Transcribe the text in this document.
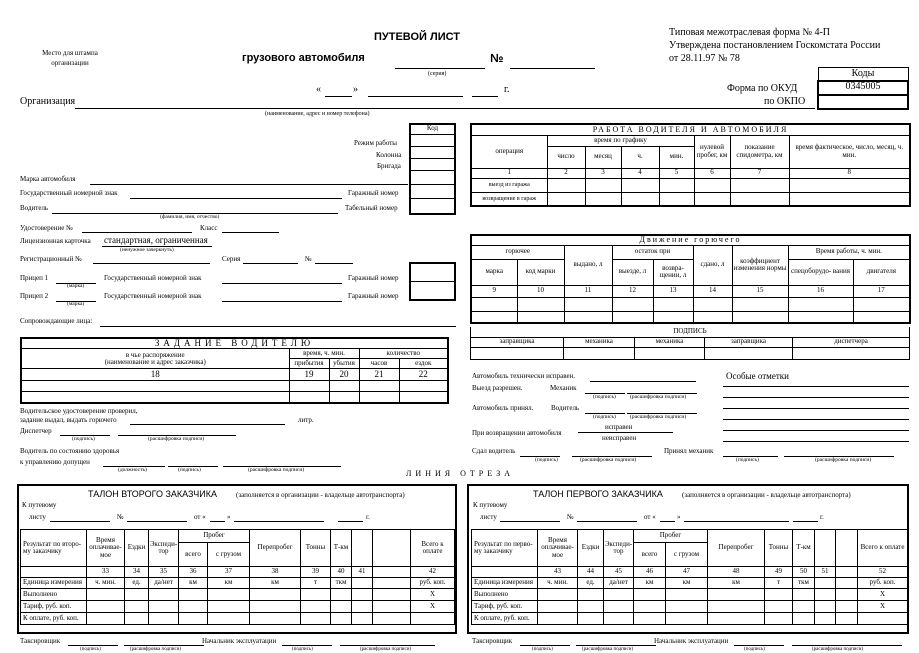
Место для штампа
организации
ПУТЕВОЙ ЛИСТ
грузового автомобиля
(серия)
№
«	»	г.
Организация
(наименование, адрес и номер телефона)
Типовая межотраслевая форма № 4-П
Утверждена постановлением Госкомстата России
от 28.11.97 № 78
Коды
0345005

Форма по ОКУД
по ОКПО
Код
Режим работы
Колонна
Бригада
Марка автомобиля
Государственный номерной знак	Гаражный номер
Водитель	Табельный номер
(фамилия, имя, отчество)
Удостоверение №	Класс
Лицензионная карточка стандартная, ограниченная
(ненужное зачеркнуть)
Регистрационный №	Серия	№
Прицеп 1
(марка)
Государственный номерной знак	Гаражный номер
Прицеп 2
(марка)
Государственный номерной знак	Гаражный номер
Сопровождающие лица:
РАБОТА ВОДИТЕЛЯ И АВТОМОБИЛЯ							
операция	время по графику				нулевой пробег, км	показание спидометра, км	время фактическое, число, месяц, ч. мин.
	число	месяц	ч.	мин.			
1	2	3	4	5	6	7	8
выезд из гаража							
возвращение в гараж							
Движение горючего								
горючее		выдано, л	остаток при		сдано, л	коэффициент изменения нормы	Время работы, ч. мин.	
марка	код марки		выезде, л	возвра- щении, л			спецоборудо- вания	двигателя
9	10	11	12	13	14	15	16	17

ПОДПИСЬ				
заправщика	механика	механика	заправщика	диспетчера

ЗАДАНИЕ ВОДИТЕЛЮ				
в чье распоряжение
(наименование и адрес заказчика)	время, ч. мин.		количество	
	прибытия	убытия	часов	ездок
18	19	20	21	22

Водительское удостоверение проверил,
задание выдал, выдать горючего	литр.
Диспетчер
(подпись)	(расшифровка подписи)
Водитель по состоянию здоровья
к управлению допущен
(должность)	(подпись)	(расшифровка подписи)
Автомобиль технически исправен.
Выезд разрешен.	Механик
(подпись)	(расшифровка подписи)
Автомобиль принял.	Водитель
(подпись)	(расшифровка подписи)
При возвращении автомобиля
исправен
неисправен
Сдал водитель
(подпись)	(расшифровка подписи)
Принял механик
(подпись)	(расшифровка подписи)
Особые отметки
ЛИНИЯ ОТРЕЗА
ТАЛОН ВТОРОГО ЗАКАЗЧИКА	(заполняется в организации - владельце автотранспорта)
К путевому
листу	№	от «	»	г.
Результат по второ- му заказчику	Время оплачивае- мое	Ездки	Экспеди- тор	Пробег		Перепробег	Тонны	Т-км			Всего к оплате
				всего	с грузом						
	33	34	35	36	37	38	39	40	41		42
Единица измерения	ч. мин.	ед.	дa/нет	км	км	км	т	ткм			руб. коп.
Выполнено											Х
Тариф, руб. коп.											Х
К оплате, руб. коп.											
Таксировщик
(подпись)	(расшифровка подписи)
Начальник эксплуатации
(подпись)	(расшифровка подписи)
ТАЛОН ПЕРВОГО ЗАКАЗЧИКА	(заполняется в организации - владельце автотранспорта)
К путевому
листу	№	от «	»	г.
Результат по перво- му заказчику	Время оплачивае- мое	Ездки	Экспеди- тор	Пробег		Перепробег	Тонны	Т-км			Всего к оплате
				всего	с грузом						
	43	44	45	46	47	48	49	50	51		52
Единица измерения	ч. мин.	ед.	дa/нет	км	км	км	т	ткм			руб. коп.
Выполнено											Х
Тариф, руб. коп.											Х
К оплате, руб. коп.											
Таксировщик
(подпись)	(расшифровка подписи)
Начальник эксплуатации
(подпись)	(расшифровка подписи)
